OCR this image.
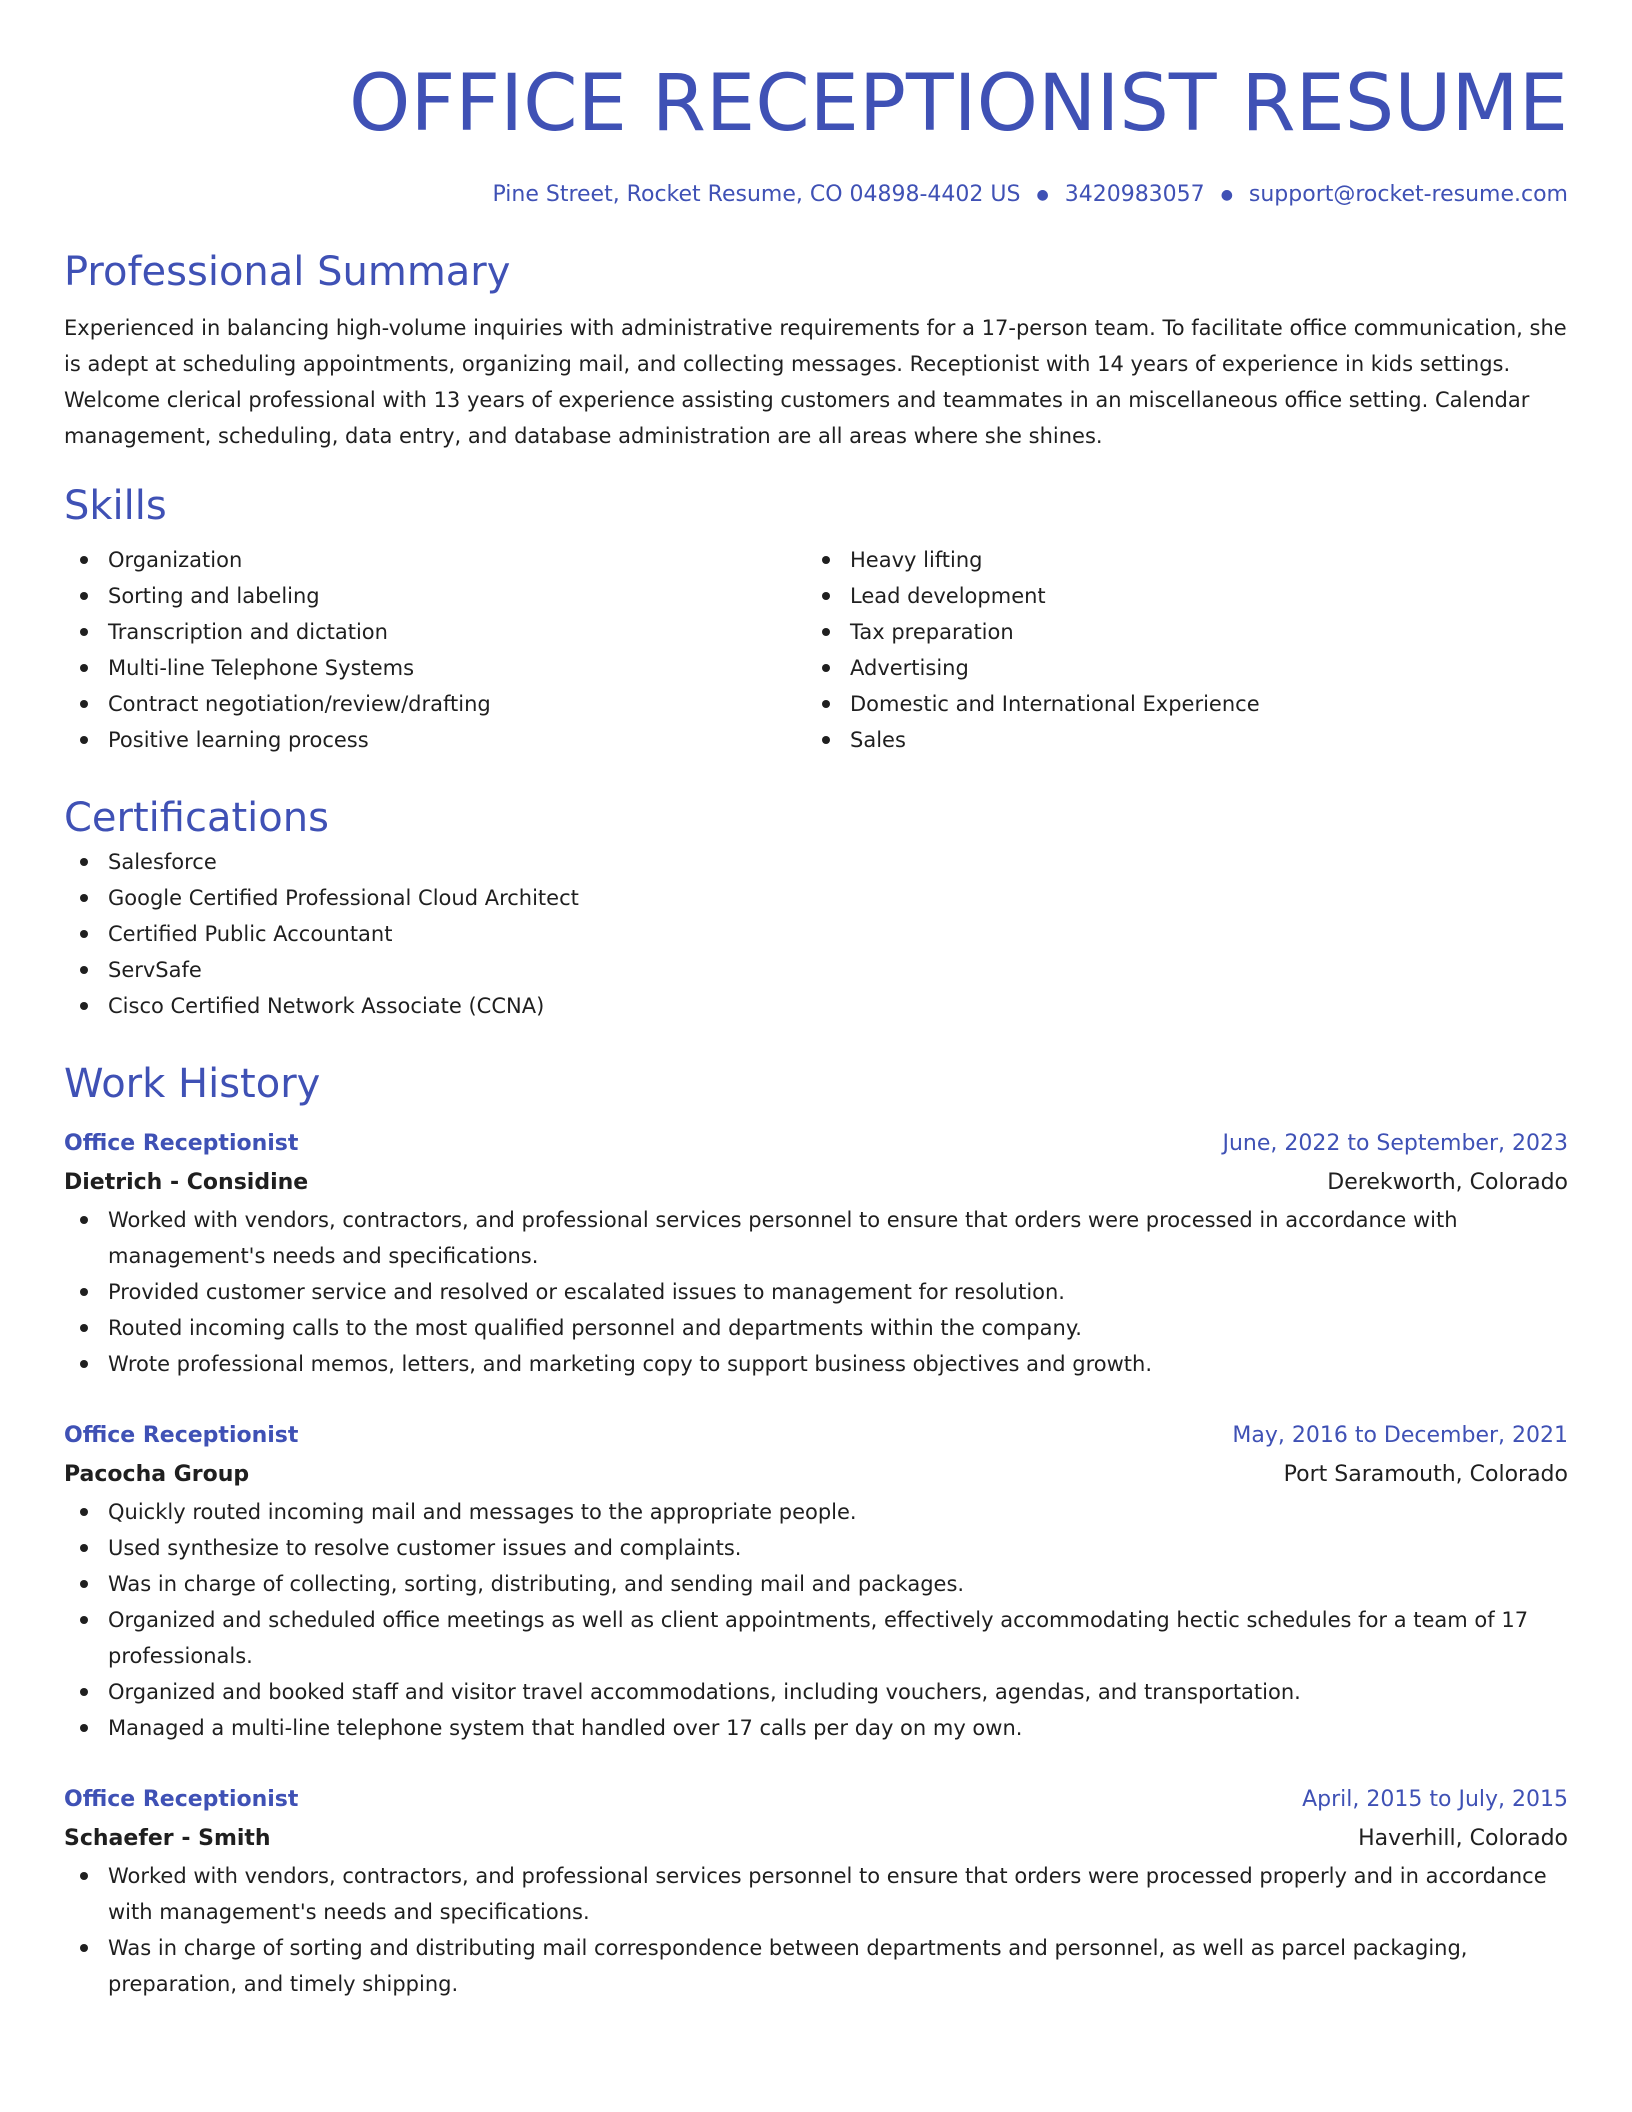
OFFICE RECEPTIONIST RESUME
Pine Street, Rocket Resume, CO 04898-4402 US ● 3420983057 ● support@rocket-resume.com
Professional Summary
Experienced in balancing high-volume inquiries with administrative requirements for a 17-person team. To facilitate office communication, she is adept at scheduling appointments, organizing mail, and collecting messages. Receptionist with 14 years of experience in kids settings. Welcome clerical professional with 13 years of experience assisting customers and teammates in an miscellaneous office setting. Calendar management, scheduling, data entry, and database administration are all areas where she shines.
Skills
Organization
Sorting and labeling
Transcription and dictation
Multi-line Telephone Systems
Contract negotiation/review/drafting
Positive learning process
Heavy lifting
Lead development
Tax preparation
Advertising
Domestic and International Experience
Sales
Certifications
Salesforce
Google Certified Professional Cloud Architect
Certified Public Accountant
ServSafe
Cisco Certified Network Associate (CCNA)
Work History
Office Receptionist	June, 2022 to September, 2023
Dietrich - Considine	Derekworth, Colorado
Worked with vendors, contractors, and professional services personnel to ensure that orders were processed in accordance with management's needs and specifications.
Provided customer service and resolved or escalated issues to management for resolution.
Routed incoming calls to the most qualified personnel and departments within the company.
Wrote professional memos, letters, and marketing copy to support business objectives and growth.
Office Receptionist	May, 2016 to December, 2021
Pacocha Group	Port Saramouth, Colorado
Quickly routed incoming mail and messages to the appropriate people.
Used synthesize to resolve customer issues and complaints.
Was in charge of collecting, sorting, distributing, and sending mail and packages.
Organized and scheduled office meetings as well as client appointments, effectively accommodating hectic schedules for a team of 17 professionals.
Organized and booked staff and visitor travel accommodations, including vouchers, agendas, and transportation.
Managed a multi-line telephone system that handled over 17 calls per day on my own.
Office Receptionist	April, 2015 to July, 2015
Schaefer - Smith	Haverhill, Colorado
Worked with vendors, contractors, and professional services personnel to ensure that orders were processed properly and in accordance with management's needs and specifications.
Was in charge of sorting and distributing mail correspondence between departments and personnel, as well as parcel packaging, preparation, and timely shipping.
